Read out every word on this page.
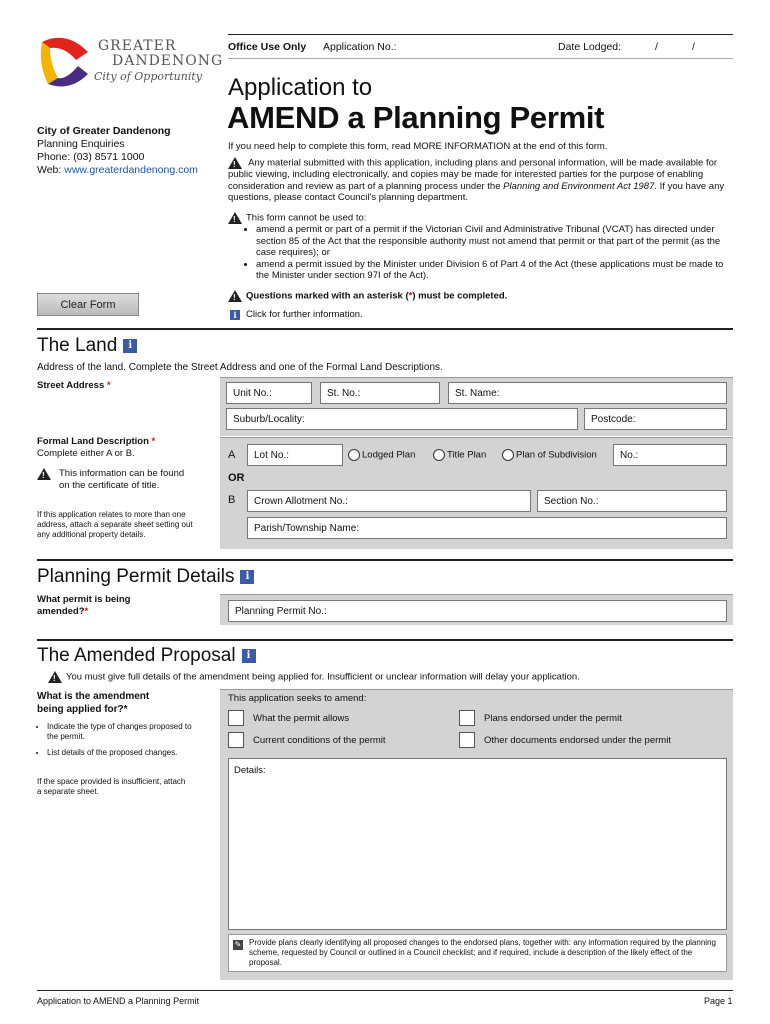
GREATER
DANDENONG
City of Opportunity
Office Use Only Application No.:	Date Lodged:	/	/
City of Greater Dandenong
Planning Enquiries
Phone: (03) 8571 1000
Web: www.greaterdandenong.com
Application to
AMEND a Planning Permit
If you need help to complete this form, read MORE INFORMATION at the end of this form.
! Any material submitted with this application, including plans and personal information, will be made available for public viewing, including electronically, and copies may be made for interested parties for the purpose of enabling consideration and review as part of a planning process under the Planning and Environment Act 1987. If you have any questions, please contact Council's planning department.
!This form cannot be used to:
• amend a permit or part of a permit if the Victorian Civil and Administrative Tribunal (VCAT) has directed under section 85 of the Act that the responsible authority must not amend that permit or that part of the permit (as the case requires); or
• amend a permit issued by the Minister under Division 6 of Part 4 of the Act (these applications must be made to the Minister under section 97I of the Act).
!Questions marked with an asterisk (*) must be completed.
i Click for further information.
Clear Form
The Land	i
Address of the land. Complete the Street Address and one of the Formal Land Descriptions.
Street Address *
Unit No.:	St. No.:	St. Name:
Suburb/Locality:	Postcode:
Formal Land Description *
Complete either A or B.
!
This information can be found on the certificate of title.
If this application relates to more than one address, attach a separate sheet setting out any additional property details.
A	Lot No.:	Lodged Plan	Title Plan	Plan of Subdivision	No.:
OR
B	Crown Allotment No.:	Section No.:
Parish/Township Name:
Planning Permit Details	i
What permit is being amended?*	Planning Permit No.:
The Amended Proposal	i
!You must give full details of the amendment being applied for. Insufficient or unclear information will delay your application.
What is the amendment being applied for?*
• Indicate the type of changes proposed to the permit.
• List details of the proposed changes.
If the space provided is insufficient, attach a separate sheet.
This application seeks to amend:
What the permit allows	Plans endorsed under the permit
Current conditions of the permit	Other documents endorsed under the permit
Details:
✎ Provide plans clearly identifying all proposed changes to the endorsed plans, together with: any information required by the planning scheme, requested by Council or outlined in a Council checklist; and if required, include a description of the likely effect of the proposal.
Application to AMEND a Planning Permit	Page 1
